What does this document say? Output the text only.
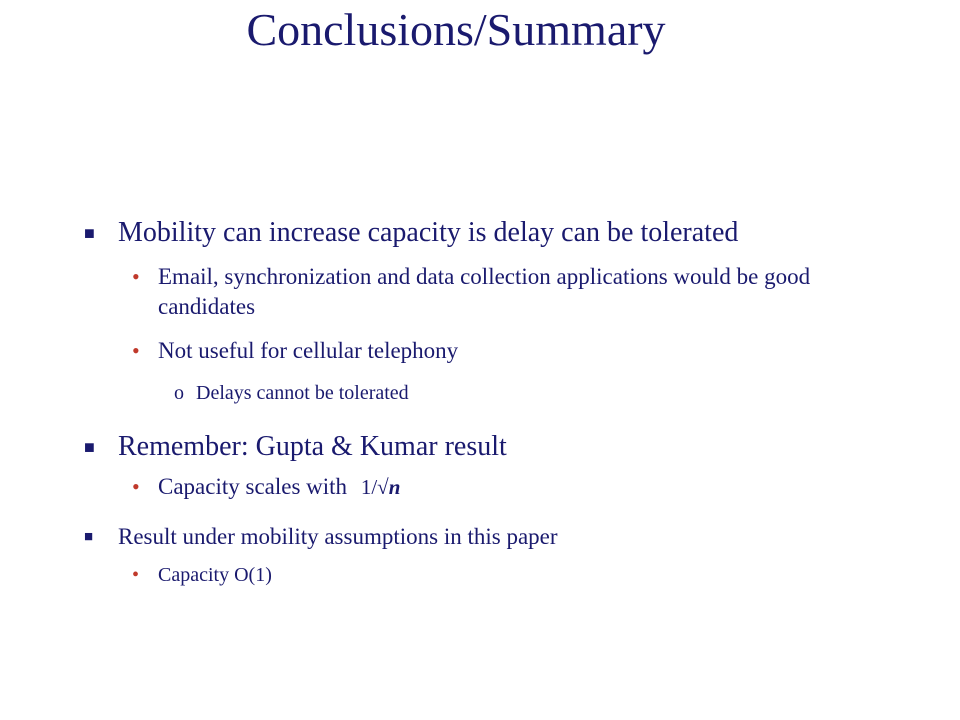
Conclusions/Summary
■ Mobility can increase capacity is delay can be tolerated
• Email, synchronization and data collection applications would be good candidates
• Not useful for cellular telephony
o Delays cannot be tolerated
■ Remember: Gupta & Kumar result
• Capacity scales with 1/√n
■ Result under mobility assumptions in this paper
• Capacity O(1)
